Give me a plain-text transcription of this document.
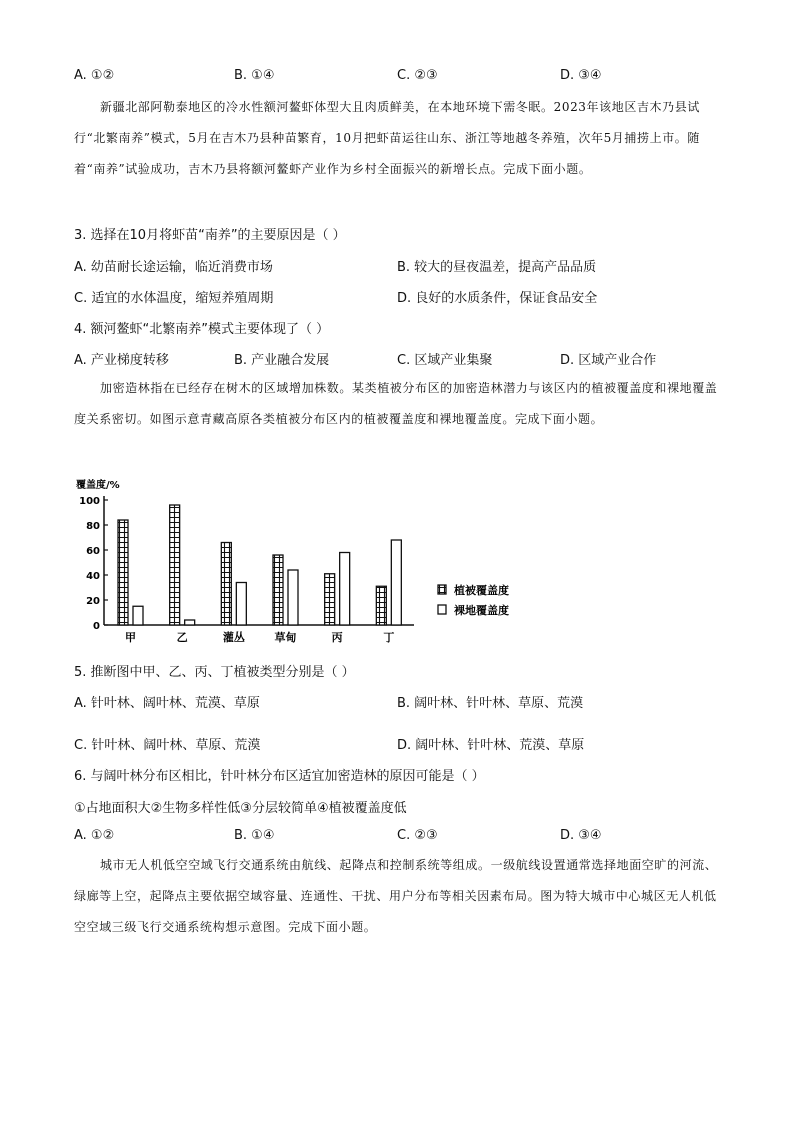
A. ①②	B. ①④	C. ②③	D. ③④

新疆北部阿勒泰地区的冷水性额河鳌虾体型大且肉质鲜美，在本地环境下需冬眠。2023年该地区吉木乃县试行“北繁南养”模式，5月在吉木乃县种苗繁育，10月把虾苗运往山东、浙江等地越冬养殖，次年5月捕捞上市。随着“南养”试验成功，吉木乃县将额河鳌虾产业作为乡村全面振兴的新增长点。完成下面小题。

3. 选择在10月将虾苗“南养”的主要原因是（ ）

A. 幼苗耐长途运输，临近消费市场	B. 较大的昼夜温差，提高产品品质
C. 适宜的水体温度，缩短养殖周期	D. 良好的水质条件，保证食品安全

4. 额河鳌虾“北繁南养”模式主要体现了（ ）

A. 产业梯度转移	B. 产业融合发展	C. 区域产业集聚	D. 区域产业合作

加密造林指在已经存在树木的区域增加株数。某类植被分布区的加密造林潜力与该区内的植被覆盖度和裸地覆盖度关系密切。如图示意青藏高原各类植被分布区内的植被覆盖度和裸地覆盖度。完成下面小题。

覆盖度/%
0
20
40
60
80
100
甲	乙	灌丛	草甸	丙	丁
植被覆盖度
裸地覆盖度

5. 推断图中甲、乙、丙、丁植被类型分别是（ ）

A. 针叶林、阔叶林、荒漠、草原	B. 阔叶林、针叶林、草原、荒漠
C. 针叶林、阔叶林、草原、荒漠	D. 阔叶林、针叶林、荒漠、草原

6. 与阔叶林分布区相比，针叶林分布区适宜加密造林的原因可能是（ ）

①占地面积大②生物多样性低③分层较简单④植被覆盖度低

A. ①②	B. ①④	C. ②③	D. ③④

城市无人机低空空域飞行交通系统由航线、起降点和控制系统等组成。一级航线设置通常选择地面空旷的河流、绿廊等上空，起降点主要依据空域容量、连通性、干扰、用户分布等相关因素布局。图为特大城市中心城区无人机低空空域三级飞行交通系统构想示意图。完成下面小题。
